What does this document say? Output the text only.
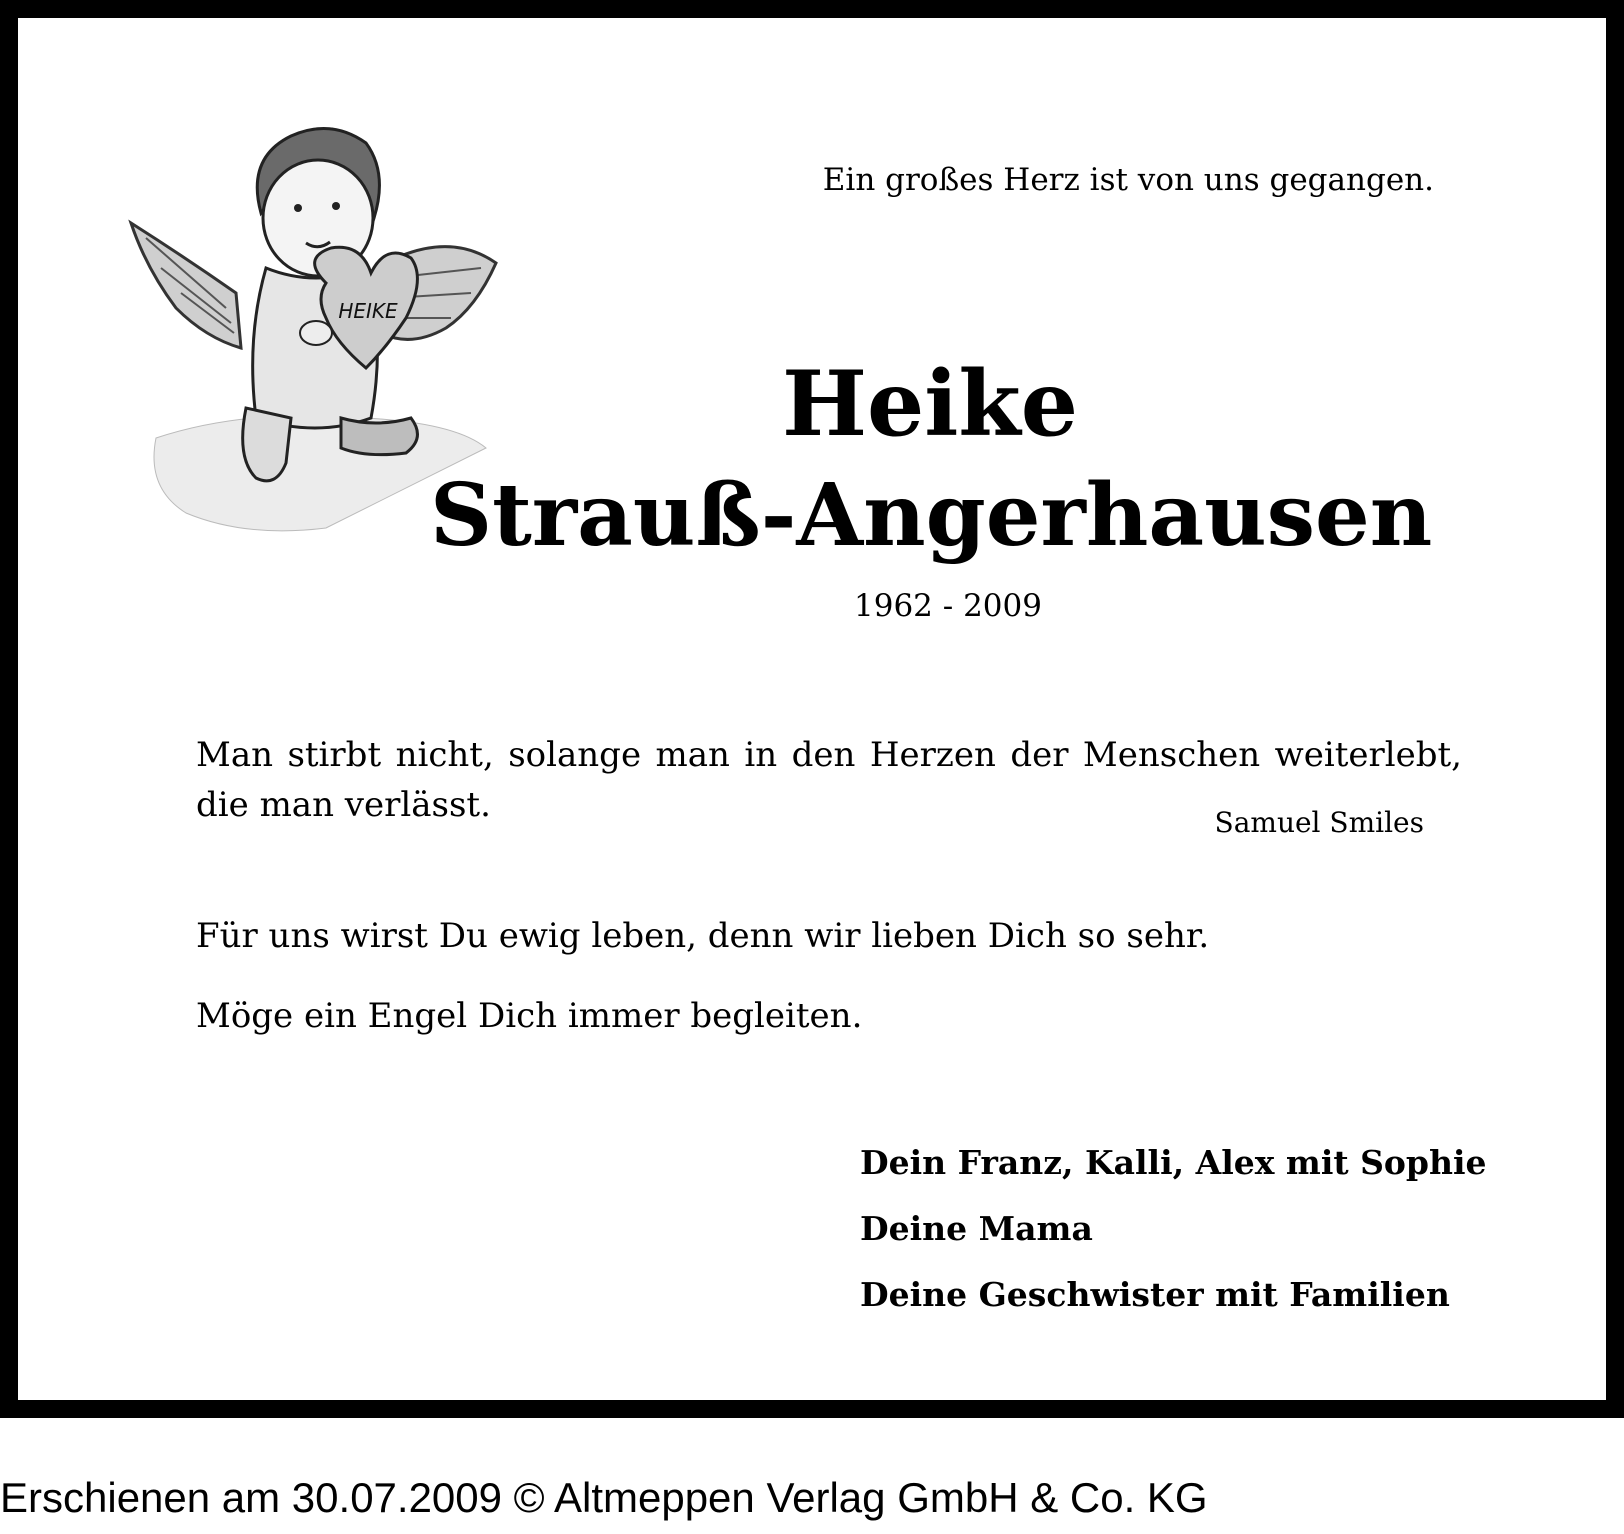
HEIKE
Ein großes Herz ist von uns gegangen.
Heike
Strauß-Angerhausen
1962 - 2009
Man stirbt nicht, solange man in den Herzen der Menschen weiterlebt, die man verlässt.	Samuel Smiles
Für uns wirst Du ewig leben, denn wir lieben Dich so sehr.
Möge ein Engel Dich immer begleiten.
Dein Franz, Kalli, Alex mit Sophie
Deine Mama
Deine Geschwister mit Familien
Erschienen am 30.07.2009 © Altmeppen Verlag GmbH & Co. KG
